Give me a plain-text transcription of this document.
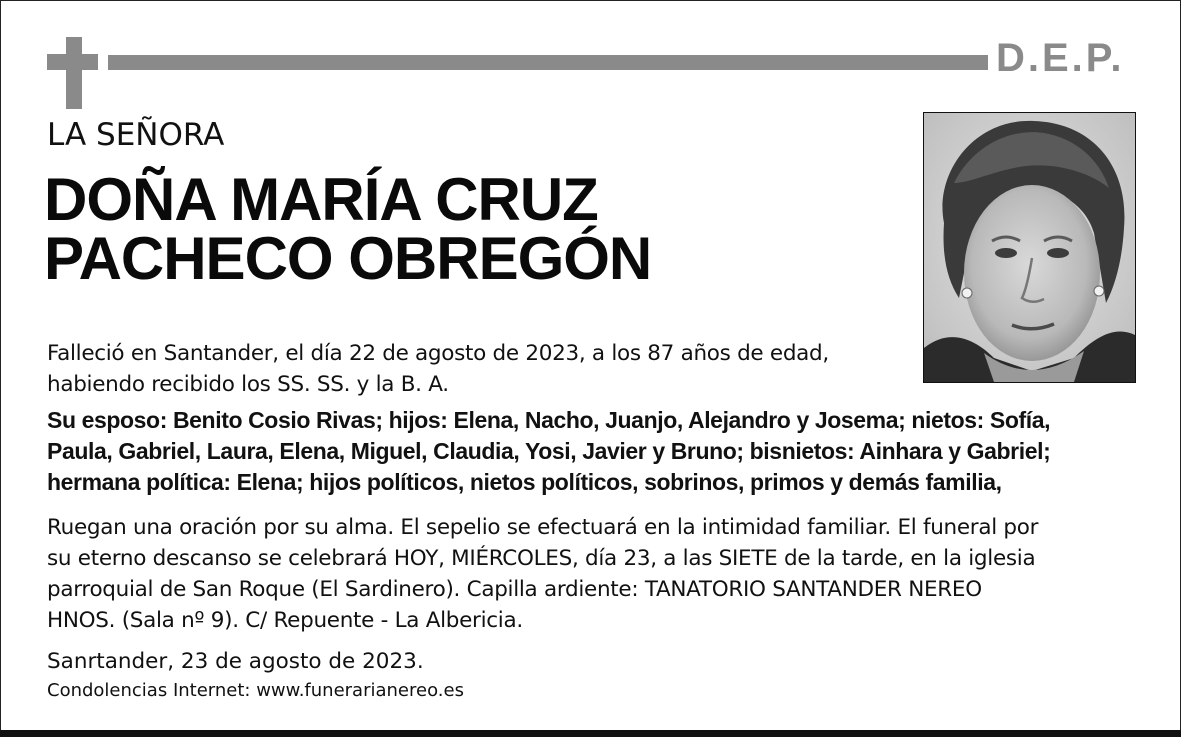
D.E.P.
LA SEÑORA
DOÑA MARÍA CRUZ
PACHECO OBREGÓN
Falleció en Santander, el día 22 de agosto de 2023, a los 87 años de edad,
habiendo recibido los SS. SS. y la B. A.
Su esposo: Benito Cosio Rivas; hijos: Elena, Nacho, Juanjo, Alejandro y Josema; nietos: Sofía,
Paula, Gabriel, Laura, Elena, Miguel, Claudia, Yosi, Javier y Bruno; bisnietos: Ainhara y Gabriel;
hermana política: Elena; hijos políticos, nietos políticos, sobrinos, primos y demás familia,
Ruegan una oración por su alma. El sepelio se efectuará en la intimidad familiar. El funeral por
su eterno descanso se celebrará HOY, MIÉRCOLES, día 23, a las SIETE de la tarde, en la iglesia
parroquial de San Roque (El Sardinero). Capilla ardiente: TANATORIO SANTANDER NEREO
HNOS. (Sala nº 9). C/ Repuente - La Albericia.
Sanrtander, 23 de agosto de 2023.
Condolencias Internet: www.funerarianereo.es
